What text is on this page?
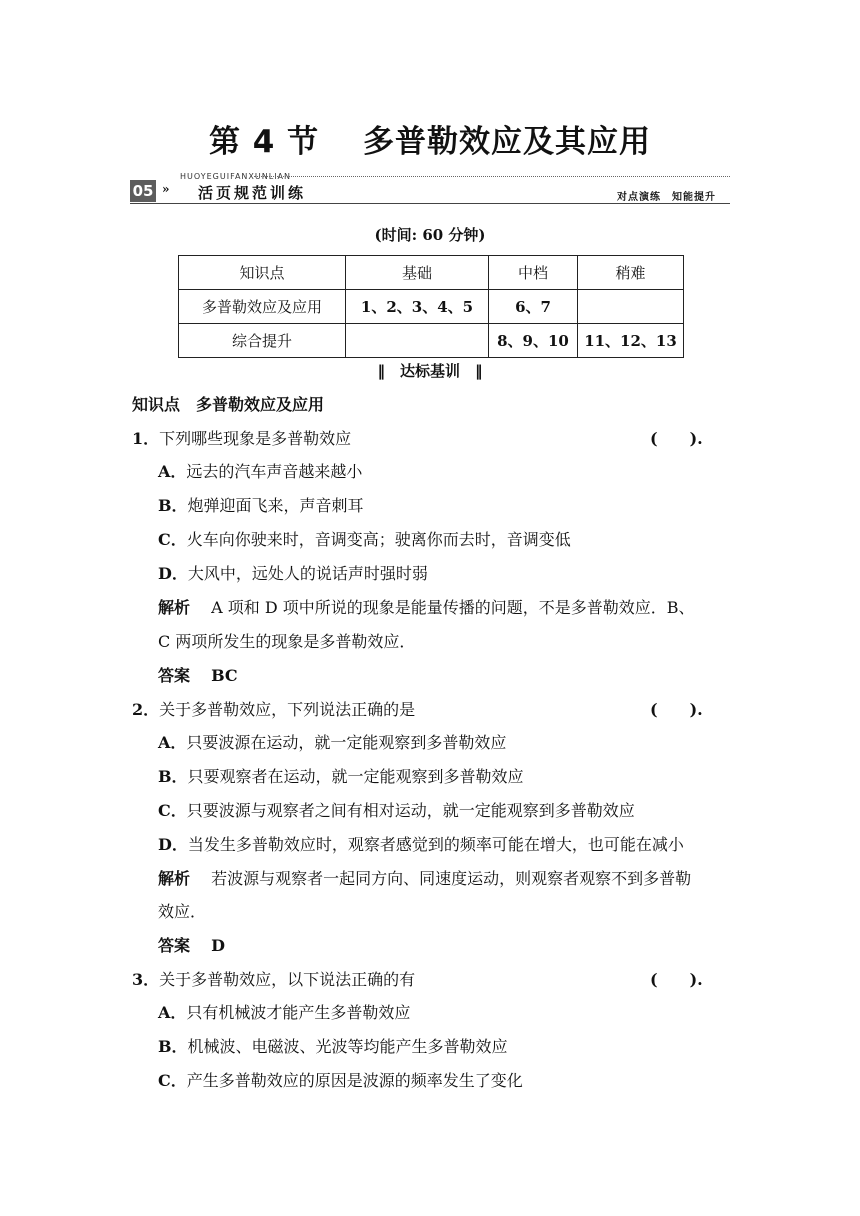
第 4 节　 多普勒效应及其应用
HUOYEGUIFANXUNLIAN
05 » 活页规范训练	对点演练　知能提升
(时间: 60 分钟)
知识点	基础	中档	稍难
多普勒效应及应用	1、2、3、4、5	6、7	
综合提升		8、9、10	11、12、13
‖　达标基训　‖
知识点　多普勒效应及应用
1．下列哪些现象是多普勒效应	(　　).
A．远去的汽车声音越来越小
B．炮弹迎面飞来，声音刺耳
C．火车向你驶来时，音调变高；驶离你而去时，音调变低
D．大风中，远处人的说话声时强时弱
解析　 A 项和 D 项中所说的现象是能量传播的问题，不是多普勒效应．B、
C 两项所发生的现象是多普勒效应．
答案　 BC
2．关于多普勒效应，下列说法正确的是	(　　).
A．只要波源在运动，就一定能观察到多普勒效应
B．只要观察者在运动，就一定能观察到多普勒效应
C．只要波源与观察者之间有相对运动，就一定能观察到多普勒效应
D．当发生多普勒效应时，观察者感觉到的频率可能在增大，也可能在减小
解析　 若波源与观察者一起同方向、同速度运动，则观察者观察不到多普勒
效应．
答案　 D
3．关于多普勒效应，以下说法正确的有	(　　).
A．只有机械波才能产生多普勒效应
B．机械波、电磁波、光波等均能产生多普勒效应
C．产生多普勒效应的原因是波源的频率发生了变化
